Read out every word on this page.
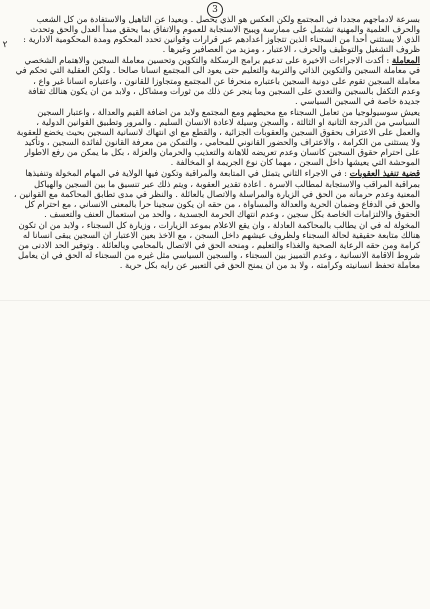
3
٢

بسرعة لادماجهم مجددا في المجتمع ولكن العكس هو الذي يحصل . وبعيدا عن التاهيل والاستفادة من كل الشعب والحرف العلمية والمهنية تشتمل على ممارسة ويبيح الاستجابة للعموم والاتفاق بما يحقق مبدأ العدل والحق وتحدث الذي لا يستثني أحدا من السجناء الذين تتجاوز أعدادهم عبر قرارات وقوانين تحدد المحكوم ومدة المحكومية الادارية : ظروف التشغيل والتوظيف والحرف ، الاعتبار ، ومزيد من العصافير وغيرها .

المعاملة : أكدت الاجراءات الاخيرة على تدعيم برامج الرسكلة والتكوين وتحسين معاملة السجين والاهتمام الشخصي في معاملة السجين والتكوين الذاتي والتربية والتعليم حتى يعود الى المجتمع انسانا صالحا . ولكن العقلية التي تحكم في معاملة السجين تقوم على دونية السجين باعتباره منحرفا عن المجتمع ومتجاوزا للقانون ، واعتباره انسانا غير واع ، وعدم التكفل بالسجين والتعدي على السجين وما ينجر عن ذلك من ثورات ومشاكل ، ولابد من ان يكون هنالك ثقافة جديدة خاصة في السجين السياسي .

يعيش سوسيولوجيا من تعامل السجناء مع محيطهم ومع المجتمع ولابد من اضافة القيم والعدالة ، واعتبار السجين السياسي من الدرجة الثانية او الثالثة ، والسجن وسيلة لاعادة الانسان السليم . والمرور وتطبيق القوانين الدولية ، والعمل على الاعتراف بحقوق السجين والعقوبات الجزائية ، والقطع مع اي انتهاك لانسانية السجين بحيث يخضع للعقوبة ولا يستثنى من الكرامة ، والاعتراف والحضور القانوني للمحامي ، والتمكن من معرفة القانون لفائدة السجين ، وتأكيد على احترام حقوق السجين كانسان وعدم تعريضه للاهانة والتعذيب والحرمان والعزلة ، بكل ما يمكن من رفع الاطوار الموحشة التي يعيشها داخل السجن ، مهما كان نوع الجريمة او المخالفة .

قضية تنفيذ العقوبات : في الاجراء الثاني يتمثل في المتابعة والمراقبة وتكون فيها الولاية في المهام المخولة وتنفيذها بمراقبة المراقب والاستجابة لمطالب الاسرة . اعادة تقدير العقوبة ، ويتم ذلك عبر تنسيق ما بين السجين والهياكل المعنية وعدم حرمانه من الحق في الزيارة والمراسلة والاتصال بالعائلة . والنظر في مدى تطابق المحاكمة مع القوانين ، والحق في الدفاع وضمان الحرية والعدالة والمساواة ، من حقه ان يكون سجينا حرا بالمعنى الانساني ، مع احترام كل الحقوق والالتزامات الخاصة بكل سجين ، وعدم انتهاك الحرمة الجسدية ، والحد من استعمال العنف والتعسف .

المخولة له في ان يطالب بالمحاكمة العادلة ، وان يقع الاعلام بموعد الزيارات ، وزيارة كل السجناء ، ولابد من ان تكون هنالك متابعة حقيقية لحالة السجناء ولظروف عيشهم داخل السجن ، مع الاخذ بعين الاعتبار ان السجين يبقى انسانا له كرامة ومن حقه الرعاية الصحية والغذاء والتعليم ، ومنحه الحق في الاتصال بالمحامي وبالعائلة . وتوفير الحد الادنى من شروط الاقامة الانسانية ، وعدم التمييز بين السجناء ، والسجين السياسي مثل غيره من السجناء له الحق في ان يعامل معاملة تحفظ انسانيته وكرامته ، ولا بد من ان يمنح الحق في التعبير عن رايه بكل حرية .
